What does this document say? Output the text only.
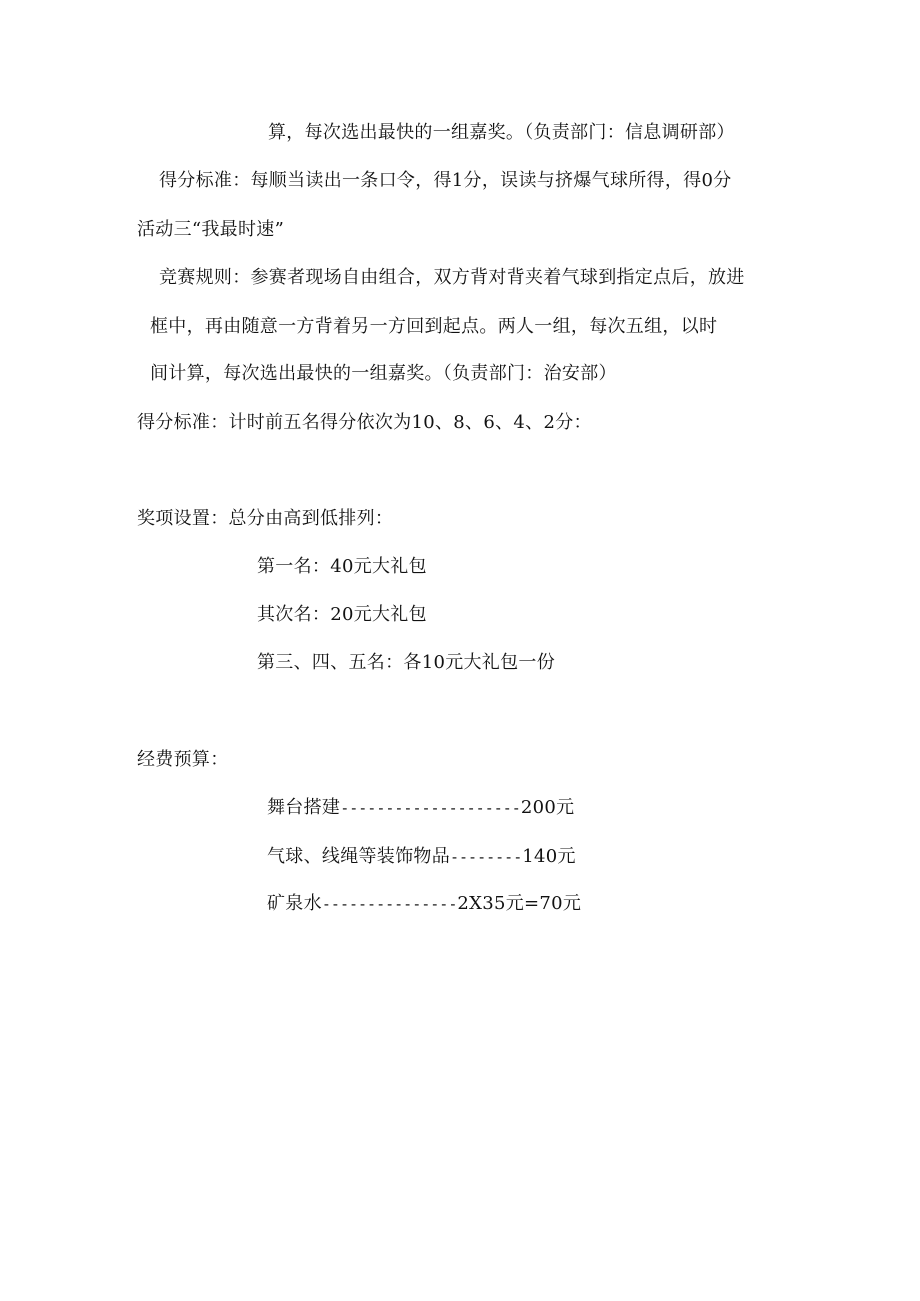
算，每次选出最快的一组嘉奖。（负责部门：信息调研部）
得分标准：每顺当读出一条口令，得1分，误读与挤爆气球所得，得0分
活动三“我最时速”
竞赛规则：参赛者现场自由组合，双方背对背夹着气球到指定点后，放进
框中，再由随意一方背着另一方回到起点。两人一组，每次五组，以时
间计算，每次选出最快的一组嘉奖。（负责部门：治安部）
得分标准：计时前五名得分依次为10、8、6、4、2分：
奖项设置：总分由高到低排列：
第一名：40元大礼包
其次名：20元大礼包
第三、四、五名：各10元大礼包一份
经费预算：
舞台搭建--------------------200元
气球、线绳等装饰物品--------140元
矿泉水---------------2X35元=70元
